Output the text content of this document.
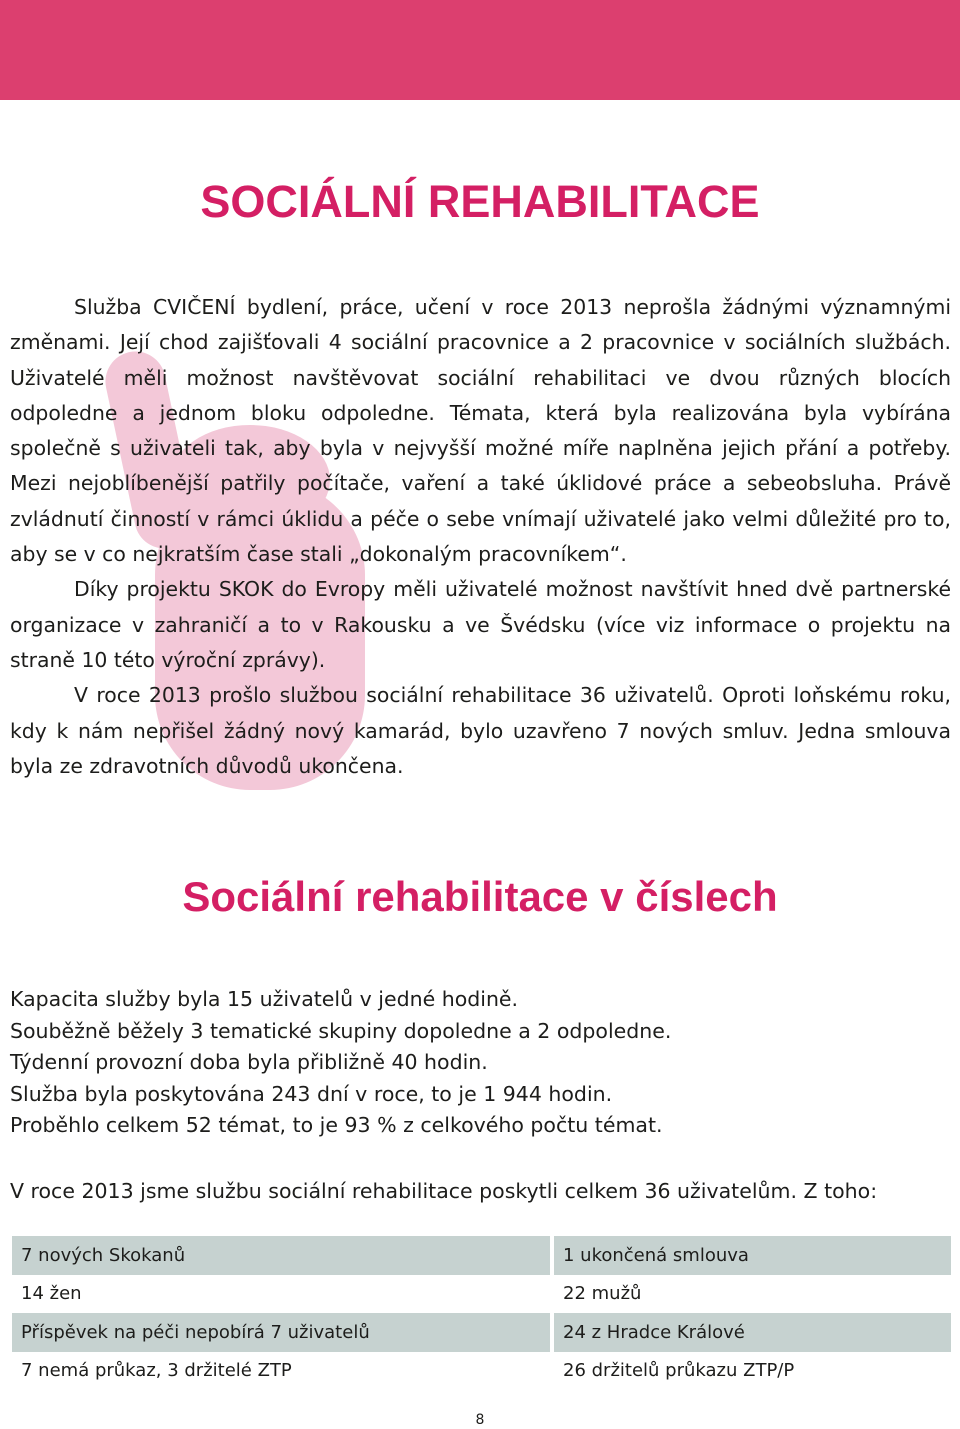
SOCIÁLNÍ REHABILITACE

Služba CVIČENÍ bydlení, práce, učení v roce 2013 neprošla žádnými významnými změnami. Její chod zajišťovali 4 sociální pracovnice a 2 pracovnice v sociálních službách. Uživatelé měli možnost navštěvovat sociální rehabilitaci ve dvou různých blocích odpoledne a jednom bloku odpoledne. Témata, která byla realizována byla vybírána společně s uživateli tak, aby byla v nejvyšší možné míře naplněna jejich přání a potřeby. Mezi nejoblíbenější patřily počítače, vaření a také úklidové práce a sebeobsluha. Právě zvládnutí činností v rámci úklidu a péče o sebe vnímají uživatelé jako velmi důležité pro to, aby se v co nejkratším čase stali „dokonalým pracovníkem“.

Díky projektu SKOK do Evropy měli uživatelé možnost navštívit hned dvě partnerské organizace v zahraničí a to v Rakousku a ve Švédsku (více viz informace o projektu na straně 10 této výroční zprávy).

V roce 2013 prošlo službou sociální rehabilitace 36 uživatelů. Oproti loňskému roku, kdy k nám nepřišel žádný nový kamarád, bylo uzavřeno 7 nových smluv. Jedna smlouva byla ze zdravotních důvodů ukončena.

Sociální rehabilitace v číslech
Kapacita služby byla 15 uživatelů v jedné hodině.
Souběžně běžely 3 tematické skupiny dopoledne a 2 odpoledne.
Týdenní provozní doba byla přibližně 40 hodin.
Služba byla poskytována 243 dní v roce, to je 1 944 hodin.
Proběhlo celkem 52 témat, to je 93 % z celkového počtu témat.

V roce 2013 jsme službu sociální rehabilitace poskytli celkem 36 uživatelům. Z toho:

7 nových Skokanů	1 ukončená smlouva
14 žen	22 mužů
Příspěvek na péči nepobírá 7 uživatelů	24 z Hradce Králové
7 nemá průkaz, 3 držitelé ZTP	26 držitelů průkazu ZTP/P

8
